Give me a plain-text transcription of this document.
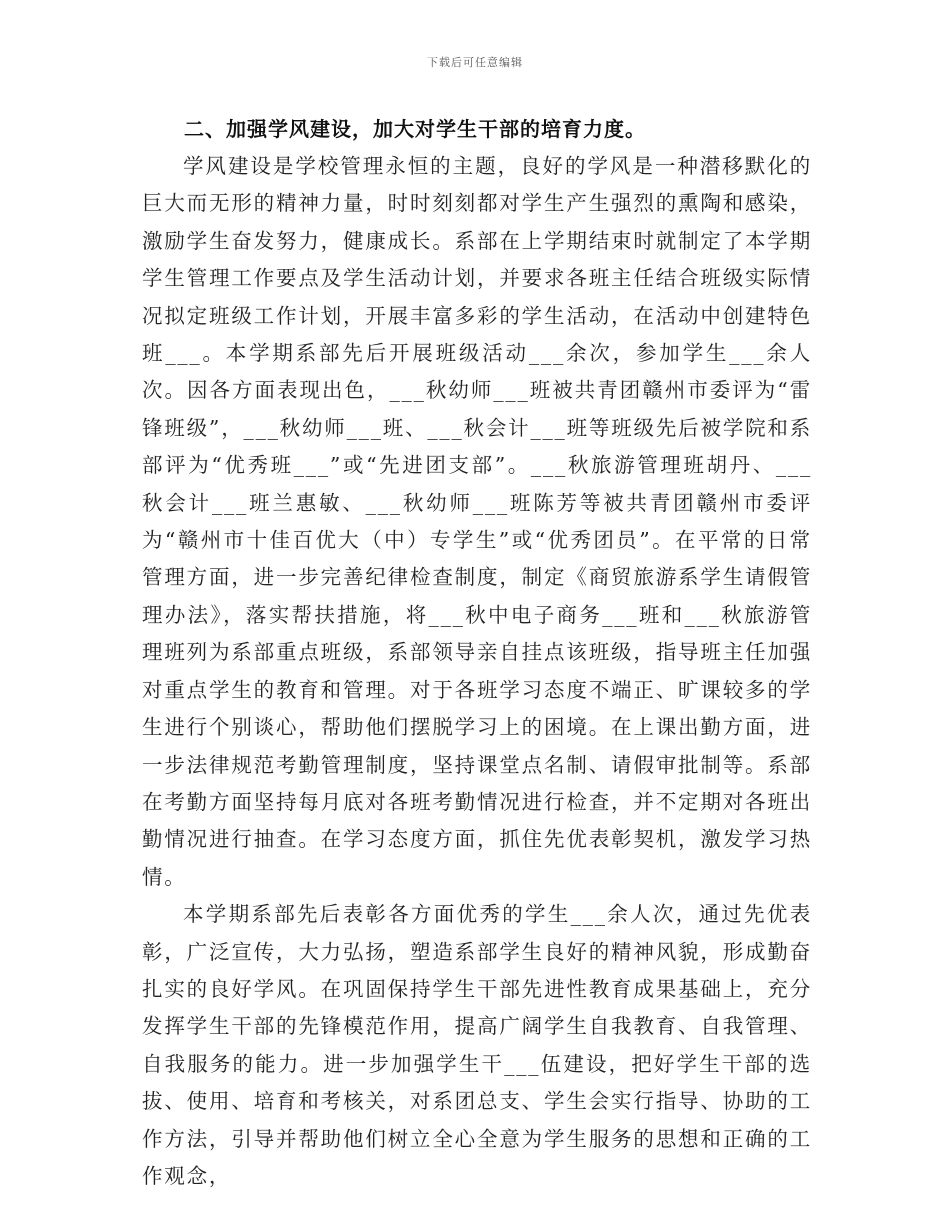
下载后可任意编辑
二、加强学风建设，加大对学生干部的培育力度。

学风建设是学校管理永恒的主题，良好的学风是一种潜移默化的巨大而无形的精神力量，时时刻刻都对学生产生强烈的熏陶和感染，激励学生奋发努力，健康成长。系部在上学期结束时就制定了本学期学生管理工作要点及学生活动计划，并要求各班主任结合班级实际情况拟定班级工作计划，开展丰富多彩的学生活动，在活动中创建特色班___。本学期系部先后开展班级活动___余次，参加学生___余人次。因各方面表现出色，___秋幼师___班被共青团赣州市委评为“雷锋班级”，___秋幼师___班、___秋会计___班等班级先后被学院和系部评为“优秀班___”或“先进团支部”。___秋旅游管理班胡丹、___秋会计___班兰惠敏、___秋幼师___班陈芳等被共青团赣州市委评为“赣州市十佳百优大（中）专学生”或“优秀团员”。在平常的日常管理方面，进一步完善纪律检查制度，制定《商贸旅游系学生请假管理办法》，落实帮扶措施，将___秋中电子商务___班和___秋旅游管理班列为系部重点班级，系部领导亲自挂点该班级，指导班主任加强对重点学生的教育和管理。对于各班学习态度不端正、旷课较多的学生进行个别谈心，帮助他们摆脱学习上的困境。在上课出勤方面，进一步法律规范考勤管理制度，坚持课堂点名制、请假审批制等。系部在考勤方面坚持每月底对各班考勤情况进行检查，并不定期对各班出勤情况进行抽查。在学习态度方面，抓住先优表彰契机，激发学习热情。

本学期系部先后表彰各方面优秀的学生___余人次，通过先优表彰，广泛宣传，大力弘扬，塑造系部学生良好的精神风貌，形成勤奋扎实的良好学风。在巩固保持学生干部先进性教育成果基础上，充分发挥学生干部的先锋模范作用，提高广阔学生自我教育、自我管理、自我服务的能力。进一步加强学生干___伍建设，把好学生干部的选拔、使用、培育和考核关，对系团总支、学生会实行指导、协助的工作方法，引导并帮助他们树立全心全意为学生服务的思想和正确的工作观念，
